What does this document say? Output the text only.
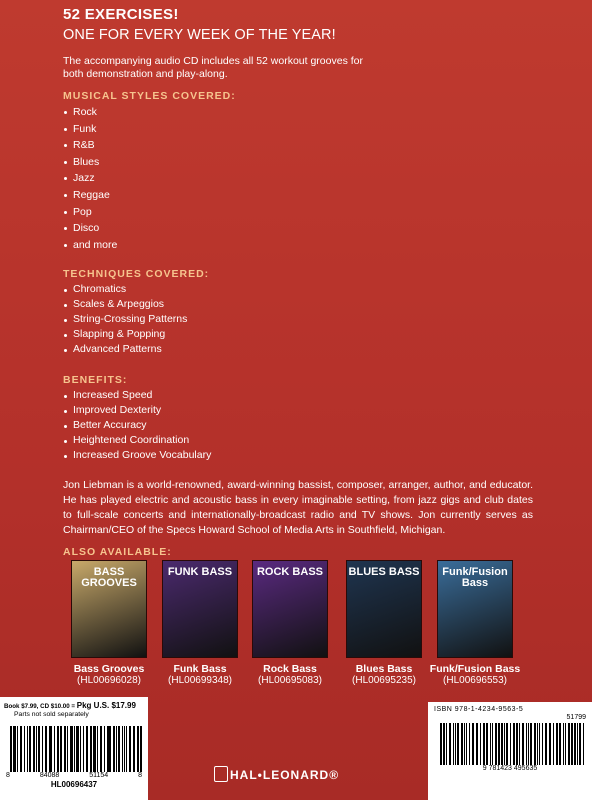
52 EXERCISES!
ONE FOR EVERY WEEK OF THE YEAR!
The accompanying audio CD includes all 52 workout grooves for both demonstration and play-along.
MUSICAL STYLES COVERED:
Rock
Funk
R&B
Blues
Jazz
Reggae
Pop
Disco
and more
TECHNIQUES COVERED:
Chromatics
Scales & Arpeggios
String-Crossing Patterns
Slapping & Popping
Advanced Patterns
BENEFITS:
Increased Speed
Improved Dexterity
Better Accuracy
Heightened Coordination
Increased Groove Vocabulary
Jon Liebman is a world-renowned, award-winning bassist, composer, arranger, author, and educator. He has played electric and acoustic bass in every imaginable setting, from jazz gigs and club dates to full-scale concerts and internationally-broadcast radio and TV shows. Jon currently serves as Chairman/CEO of the Specs Howard School of Media Arts in Southfield, Michigan.
ALSO AVAILABLE:
BASS GROOVES
Bass Grooves
(HL00696028)
FUNK BASS
Funk Bass
(HL00699348)
ROCK BASS
Rock Bass
(HL00695083)
BLUES BASS
Blues Bass
(HL00695235)
Funk/Fusion Bass
Funk/Fusion Bass
(HL00696553)
Book $7.99, CD $10.00 = Pkg U.S. $17.99
Parts not sold separately
8	84088	51154	8
HL00696437
HAL•LEONARD®
ISBN 978-1-4234-9563-5
51799
9 781423 495635
